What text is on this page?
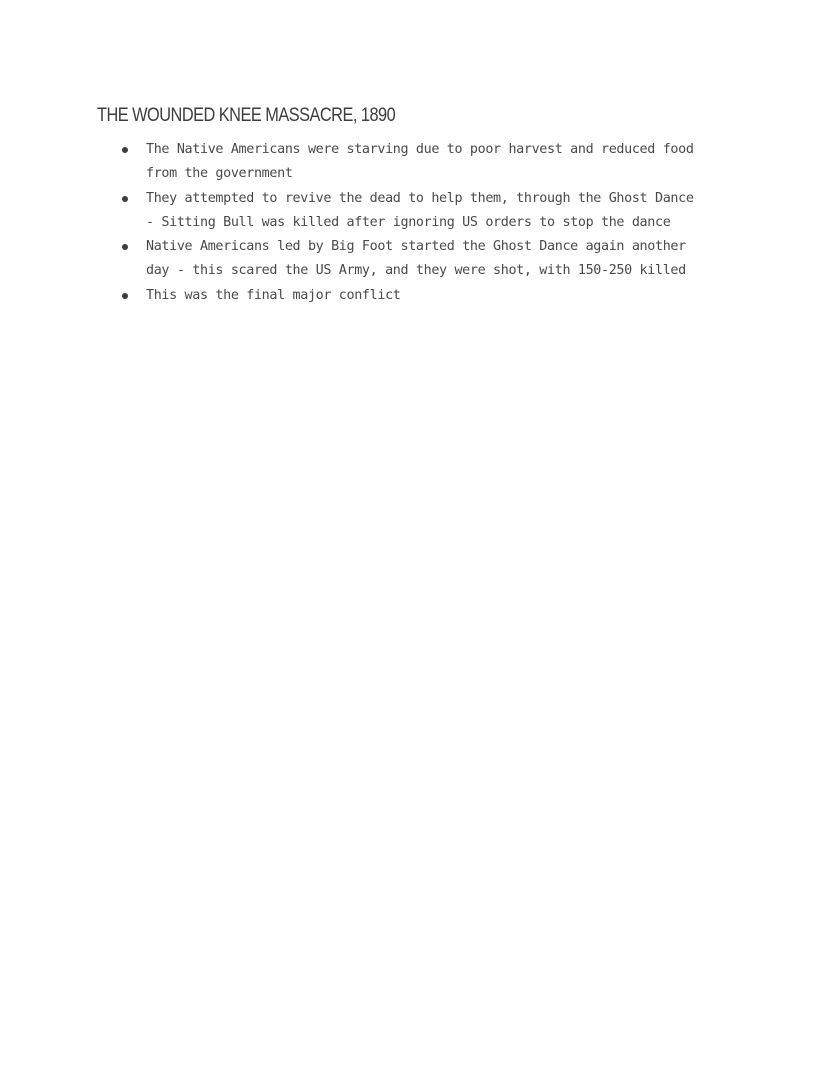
THE WOUNDED KNEE MASSACRE, 1890
The Native Americans were starving due to poor harvest and reduced food
from the government
They attempted to revive the dead to help them, through the Ghost Dance
- Sitting Bull was killed after ignoring US orders to stop the dance
Native Americans led by Big Foot started the Ghost Dance again another
day - this scared the US Army, and they were shot, with 150-250 killed
This was the final major conflict
